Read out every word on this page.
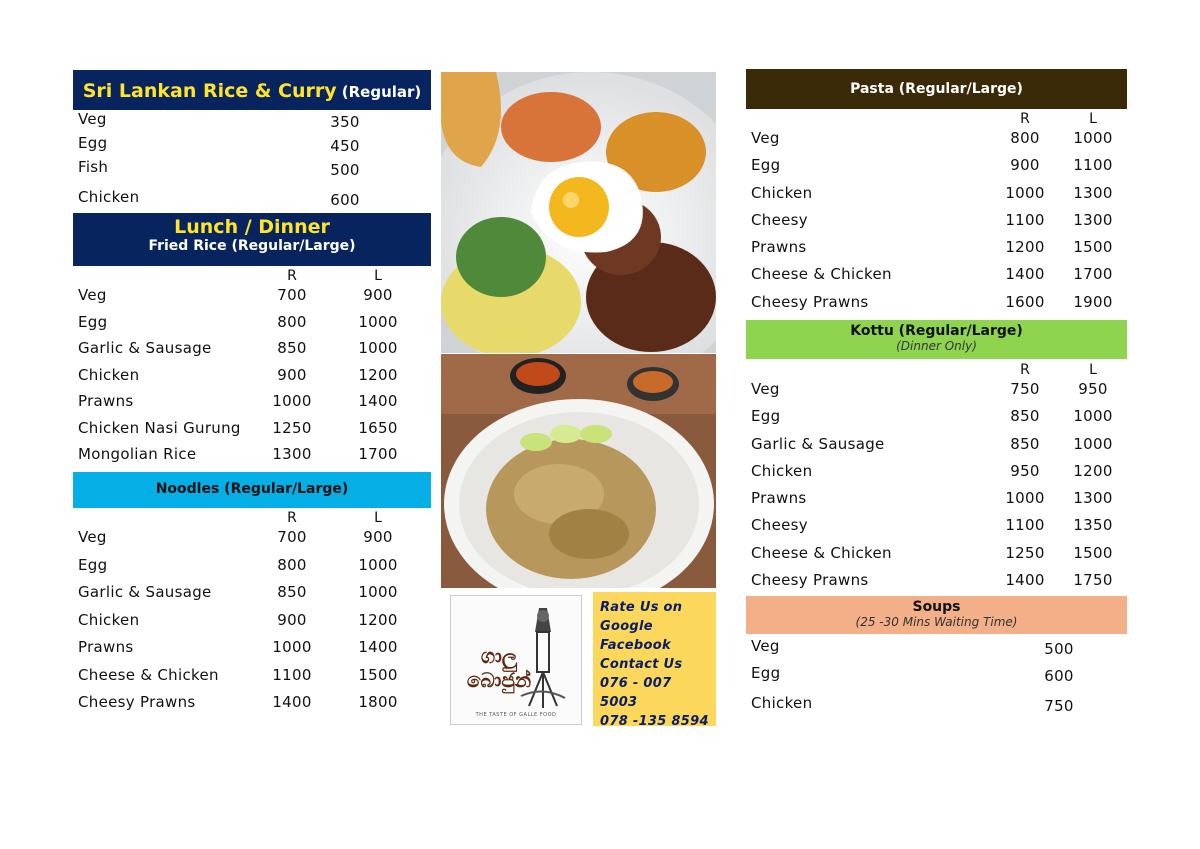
Sri Lankan Rice & Curry (Regular)
Veg	350
Egg	450
Fish	500
Chicken	600
Lunch / Dinner
Fried Rice (Regular/Large)
R	L
Veg	700	900
Egg	800	1000
Garlic & Sausage	850	1000
Chicken	900	1200
Prawns	1000	1400
Chicken Nasi Gurung	1250	1650
Mongolian Rice	1300	1700
Noodles (Regular/Large)
R	L
Veg	700	900
Egg	800	1000
Garlic & Sausage	850	1000
Chicken	900	1200
Prawns	1000	1400
Cheese & Chicken	1100	1500
Cheesy Prawns	1400	1800
ගාලු බොජුන්
THE TASTE OF GALLE FOOD
Rate Us on
Google
Facebook
Contact Us
076 - 007 5003
078 -135 8594
Pasta (Regular/Large)
R	L
Veg	800	1000
Egg	900	1100
Chicken	1000	1300
Cheesy	1100	1300
Prawns	1200	1500
Cheese & Chicken	1400	1700
Cheesy Prawns	1600	1900
Kottu (Regular/Large)
(Dinner Only)
R	L
Veg	750	950
Egg	850	1000
Garlic & Sausage	850	1000
Chicken	950	1200
Prawns	1000	1300
Cheesy	1100	1350
Cheese & Chicken	1250	1500
Cheesy Prawns	1400	1750
Soups
(25 -30 Mins Waiting Time)
Veg	500
Egg	600
Chicken	750
